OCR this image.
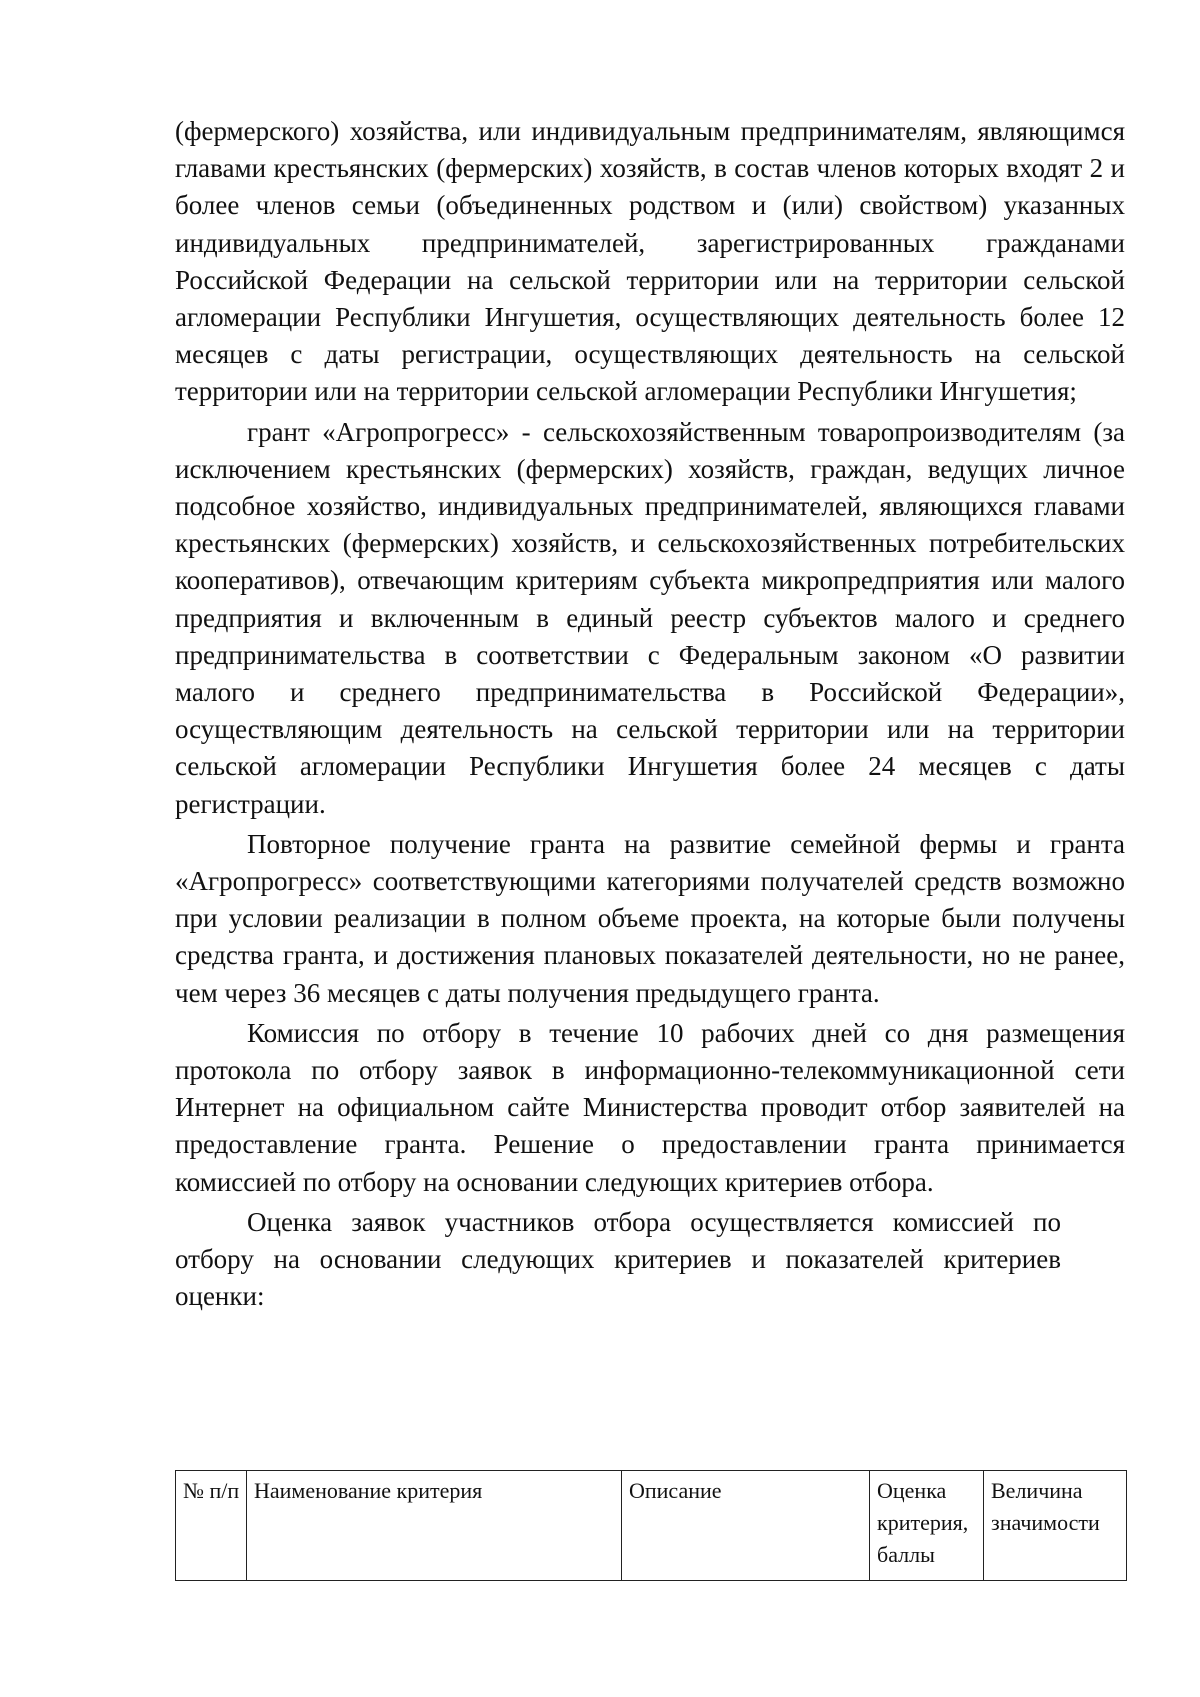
(фермерского) хозяйства, или индивидуальным предпринимателям, являющимся главами крестьянских (фермерских) хозяйств, в состав членов которых входят 2 и более членов семьи (объединенных родством и (или) свойством) указанных индивидуальных предпринимателей, зарегистрированных гражданами Российской Федерации на сельской территории или на территории сельской агломерации Республики Ингушетия, осуществляющих деятельность более 12 месяцев с даты регистрации, осуществляющих деятельность на сельской территории или на территории сельской агломерации Республики Ингушетия;

грант «Агропрогресс» - сельскохозяйственным товаропроизводителям (за исключением крестьянских (фермерских) хозяйств, граждан, ведущих личное подсобное хозяйство, индивидуальных предпринимателей, являющихся главами крестьянских (фермерских) хозяйств, и сельскохозяйственных потребительских кооперативов), отвечающим критериям субъекта микропредприятия или малого предприятия и включенным в единый реестр субъектов малого и среднего предпринимательства в соответствии с Федеральным законом «О развитии малого и среднего предпринимательства в Российской Федерации», осуществляющим деятельность на сельской территории или на территории сельской агломерации Республики Ингушетия более 24 месяцев с даты регистрации.

Повторное получение гранта на развитие семейной фермы и гранта «Агропрогресс» соответствующими категориями получателей средств возможно при условии реализации в полном объеме проекта, на которые были получены средства гранта, и достижения плановых показателей деятельности, но не ранее, чем через 36 месяцев с даты получения предыдущего гранта.

Комиссия по отбору в течение 10 рабочих дней со дня размещения протокола по отбору заявок в информационно-телекоммуникационной сети Интернет на официальном сайте Министерства проводит отбор заявителей на предоставление гранта. Решение о предоставлении гранта принимается комиссией по отбору на основании следующих критериев отбора.

Оценка заявок участников отбора осуществляется комиссией по отбору на основании следующих критериев и показателей критериев оценки:

№ п/п	Наименование критерия	Описание	Оценка критерия, баллы	Величина значимости
